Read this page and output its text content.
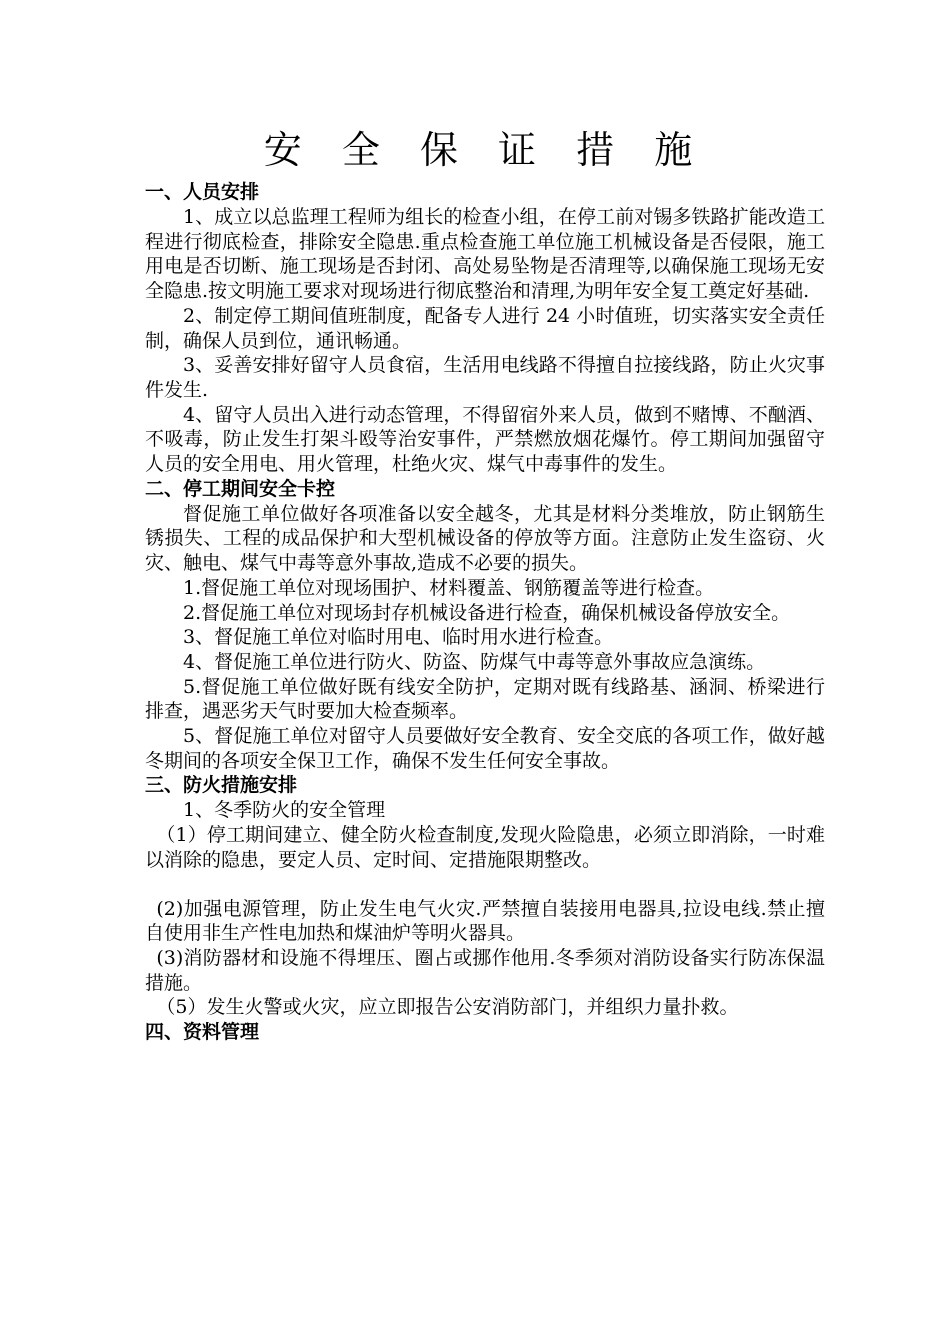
安 全 保 证 措 施
一、人员安排

1、成立以总监理工程师为组长的检查小组，在停工前对锡多铁路扩能改造工程进行彻底检查，排除安全隐患.重点检查施工单位施工机械设备是否侵限，施工用电是否切断、施工现场是否封闭、高处易坠物是否清理等,以确保施工现场无安全隐患.按文明施工要求对现场进行彻底整治和清理,为明年安全复工奠定好基础.

2、制定停工期间值班制度，配备专人进行 24 小时值班，切实落实安全责任制，确保人员到位，通讯畅通。

3、妥善安排好留守人员食宿，生活用电线路不得擅自拉接线路，防止火灾事件发生.

4、留守人员出入进行动态管理，不得留宿外来人员，做到不赌博、不酗酒、不吸毒，防止发生打架斗殴等治安事件，严禁燃放烟花爆竹。停工期间加强留守人员的安全用电、用火管理，杜绝火灾、煤气中毒事件的发生。

二、停工期间安全卡控

督促施工单位做好各项准备以安全越冬，尤其是材料分类堆放，防止钢筋生锈损失、工程的成品保护和大型机械设备的停放等方面。注意防止发生盗窃、火灾、触电、煤气中毒等意外事故,造成不必要的损失。

1.督促施工单位对现场围护、材料覆盖、钢筋覆盖等进行检查。

2.督促施工单位对现场封存机械设备进行检查，确保机械设备停放安全。

3、督促施工单位对临时用电、临时用水进行检查。

4、督促施工单位进行防火、防盗、防煤气中毒等意外事故应急演练。

5.督促施工单位做好既有线安全防护，定期对既有线路基、涵洞、桥梁进行排查，遇恶劣天气时要加大检查频率。

5、督促施工单位对留守人员要做好安全教育、安全交底的各项工作，做好越冬期间的各项安全保卫工作，确保不发生任何安全事故。

三、防火措施安排

1、冬季防火的安全管理

（1）停工期间建立、健全防火检查制度,发现火险隐患，必须立即消除，一时难以消除的隐患，要定人员、定时间、定措施限期整改。

(2)加强电源管理，防止发生电气火灾.严禁擅自装接用电器具,拉设电线.禁止擅自使用非生产性电加热和煤油炉等明火器具。

(3)消防器材和设施不得埋压、圈占或挪作他用.冬季须对消防设备实行防冻保温措施。

（5）发生火警或火灾，应立即报告公安消防部门，并组织力量扑救。

四、资料管理
